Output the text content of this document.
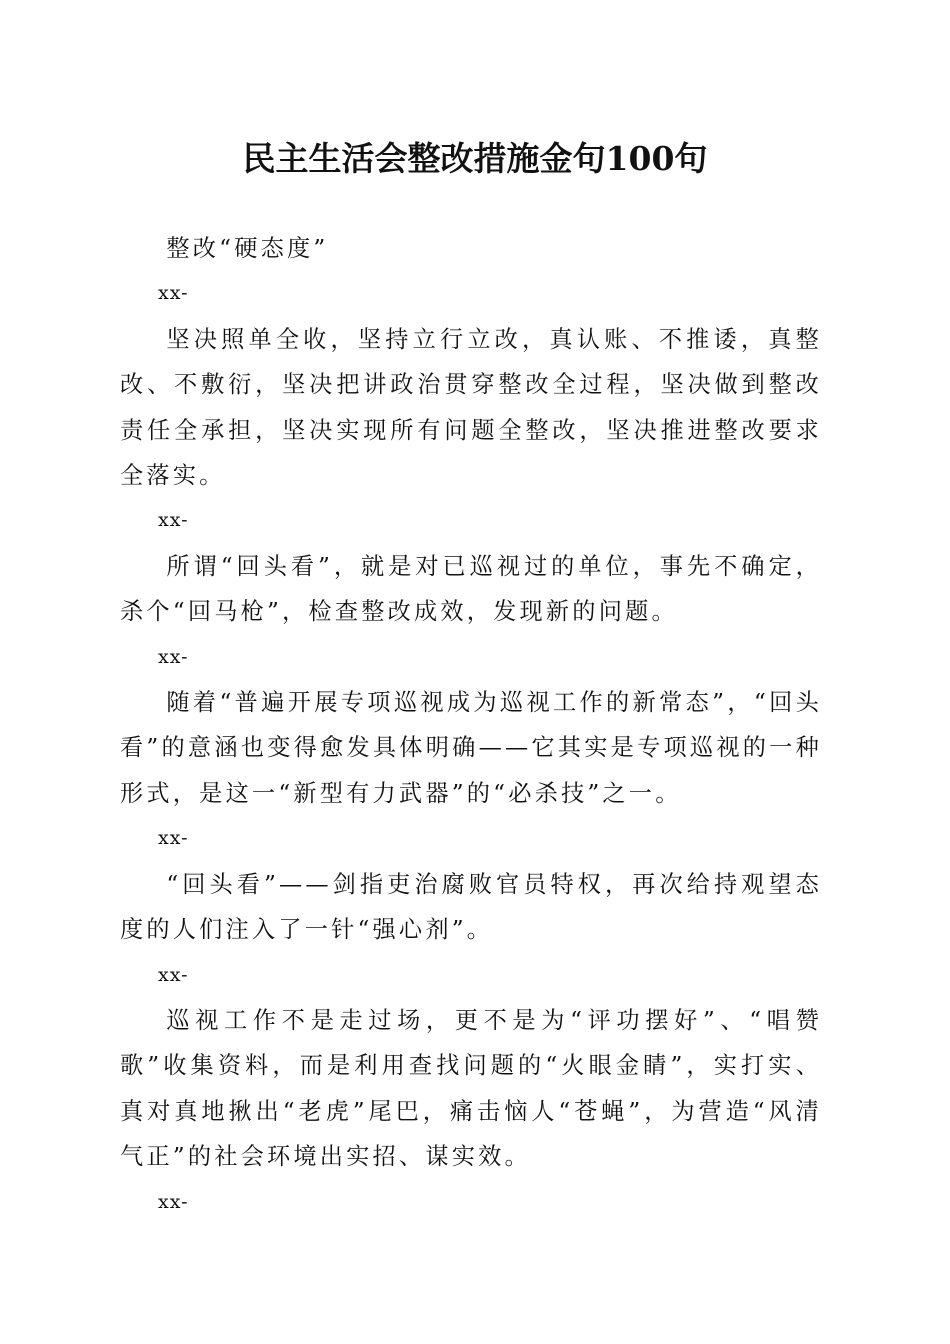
民主生活会整改措施金句100句

整改“硬态度”

xx-

坚决照单全收，坚持立行立改，真认账、不推诿，真整改、不敷衍，坚决把讲政治贯穿整改全过程，坚决做到整改责任全承担，坚决实现所有问题全整改，坚决推进整改要求全落实。

xx-

所谓“回头看”，就是对已巡视过的单位，事先不确定，杀个“回马枪”，检查整改成效，发现新的问题。

xx-

随着“普遍开展专项巡视成为巡视工作的新常态”，“回头看”的意涵也变得愈发具体明确——它其实是专项巡视的一种形式，是这一“新型有力武器”的“必杀技”之一。

xx-

“回头看”——剑指吏治腐败官员特权，再次给持观望态度的人们注入了一针“强心剂”。

xx-

巡视工作不是走过场，更不是为“评功摆好”、“唱赞歌”收集资料，而是利用查找问题的“火眼金睛”，实打实、真对真地揪出“老虎”尾巴，痛击恼人“苍蝇”，为营造“风清气正”的社会环境出实招、谋实效。

xx-
